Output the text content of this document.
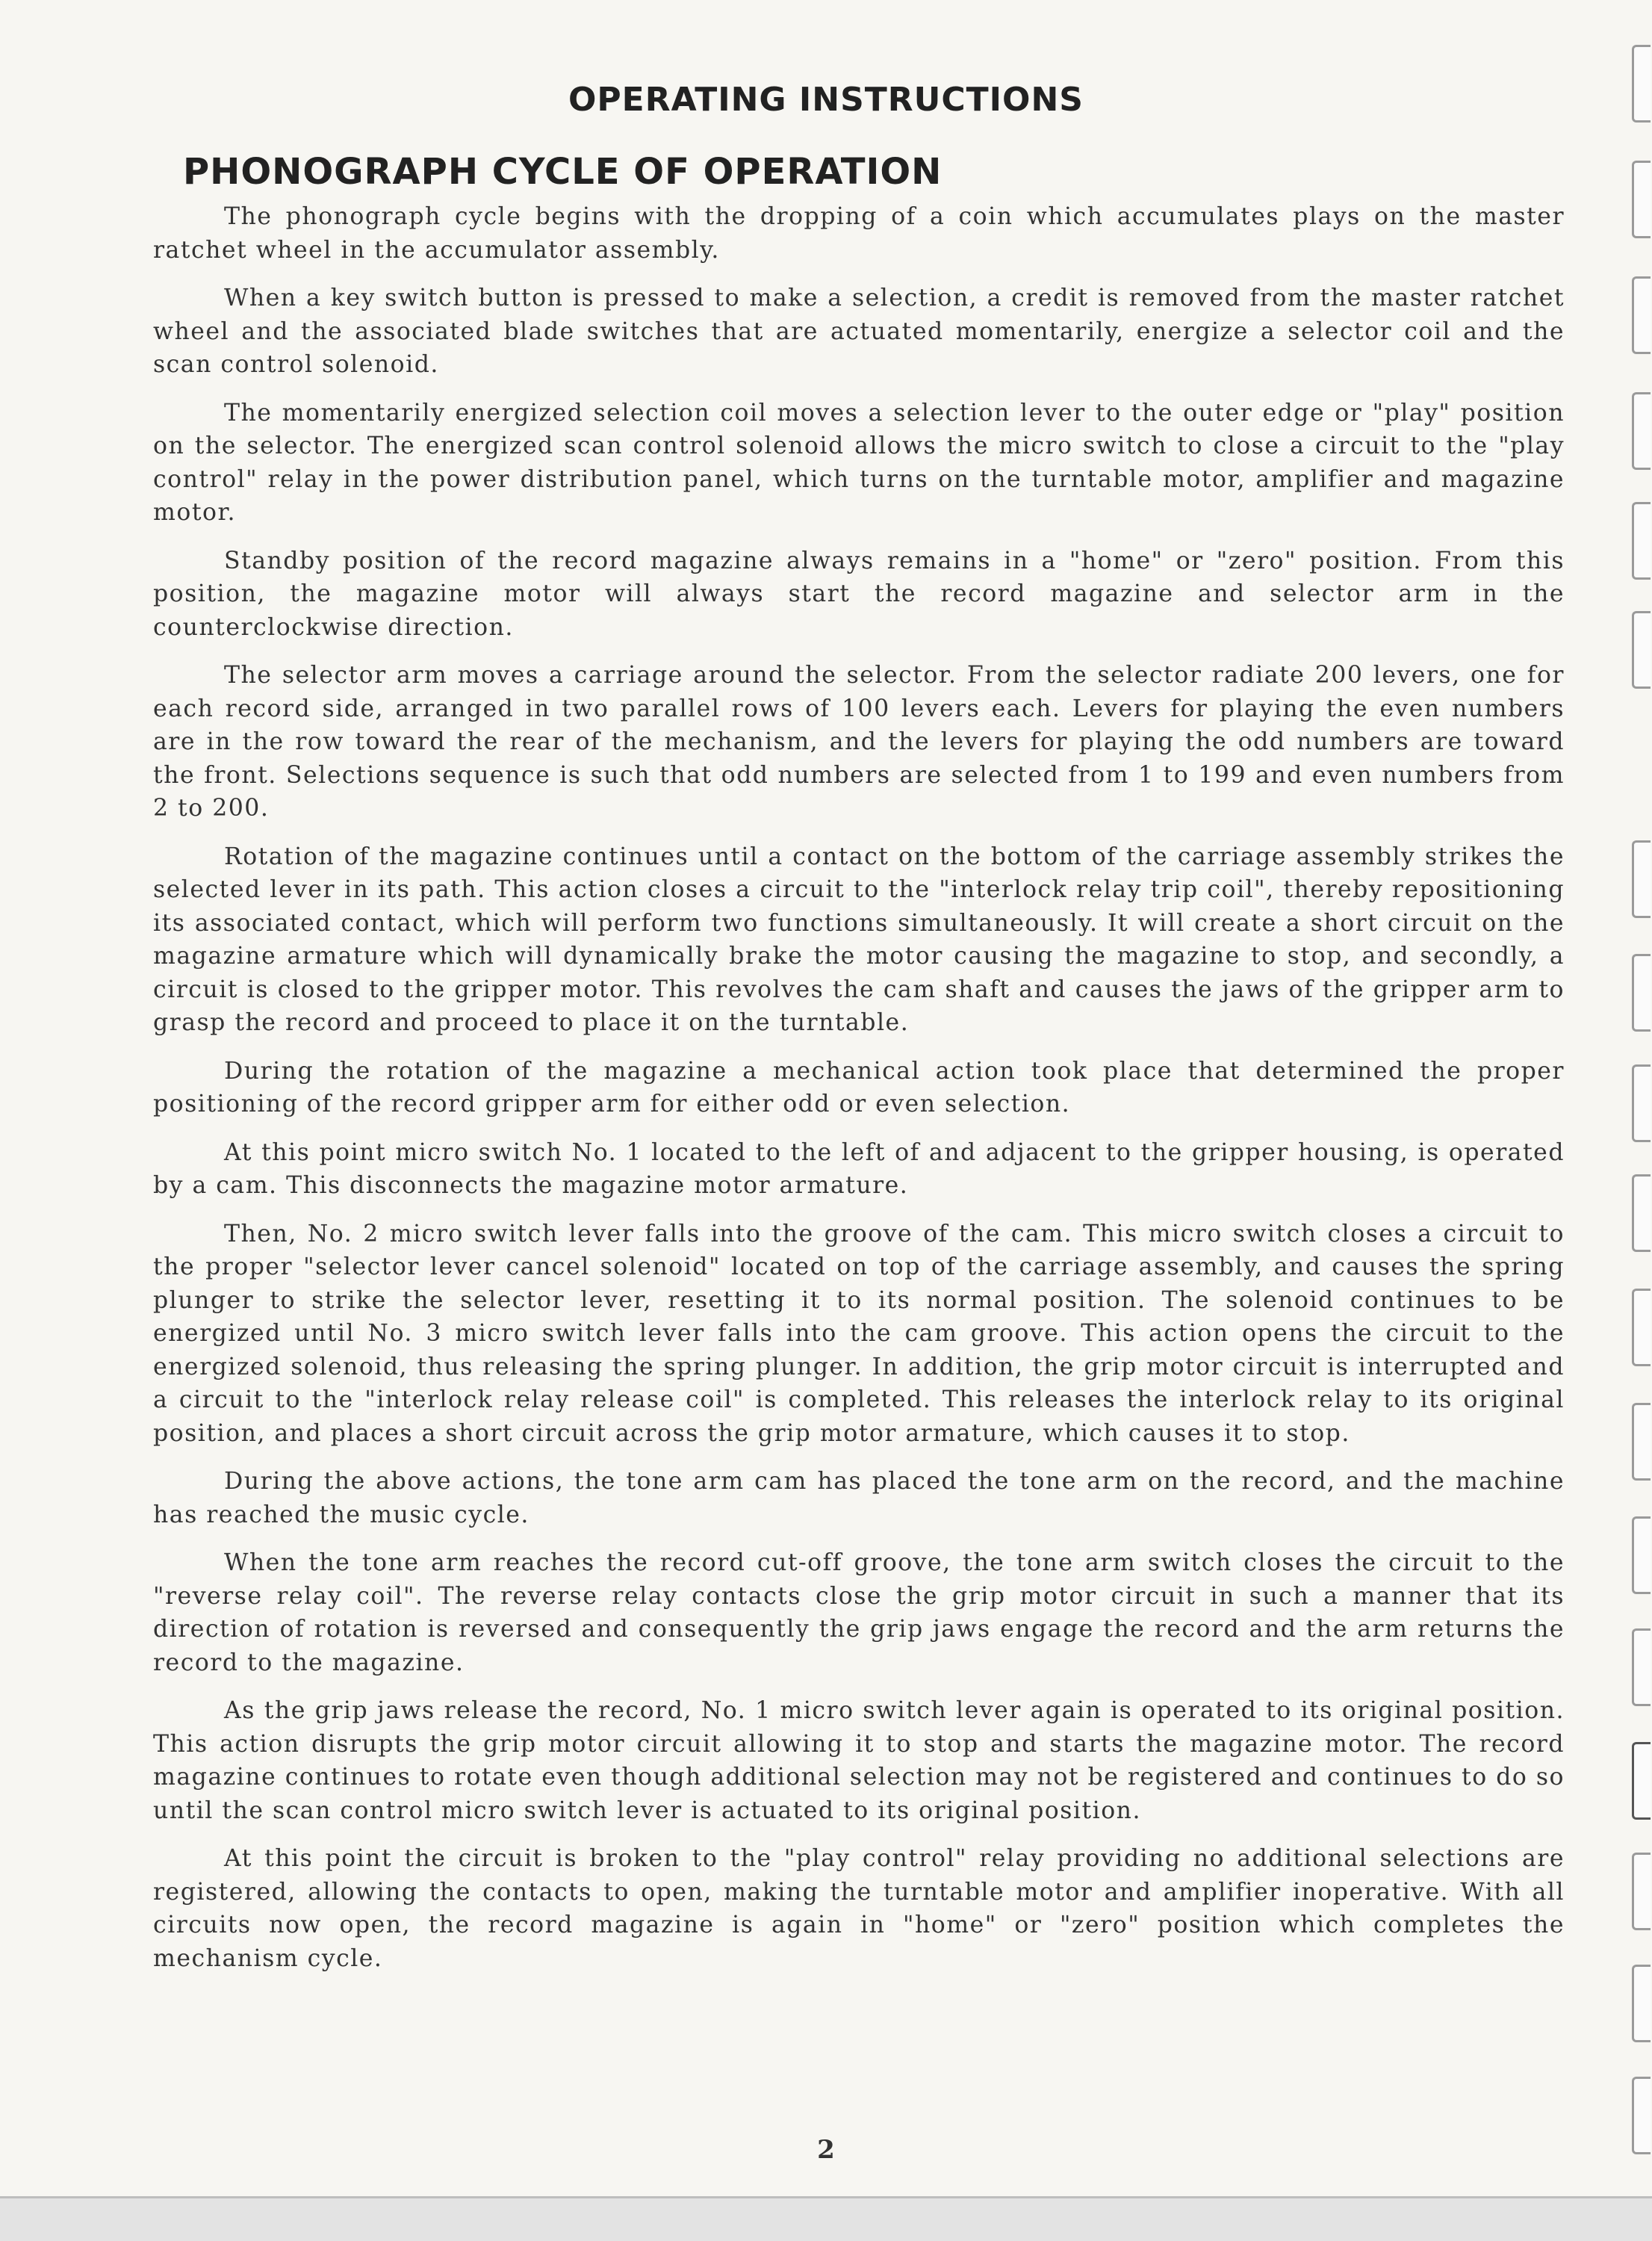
OPERATING INSTRUCTIONS
PHONOGRAPH CYCLE OF OPERATION

The phonograph cycle begins with the dropping of a coin which accumulates plays on the master ratchet wheel in the accumulator assembly.

When a key switch button is pressed to make a selection, a credit is removed from the master ratchet wheel and the associated blade switches that are actuated momentarily, energize a selector coil and the scan control solenoid.

The momentarily energized selection coil moves a selection lever to the outer edge or "play" position on the selector. The energized scan control solenoid allows the micro switch to close a circuit to the "play control" relay in the power distribution panel, which turns on the turntable motor, amplifier and magazine motor.

Standby position of the record magazine always remains in a "home" or "zero" position. From this position, the magazine motor will always start the record magazine and selector arm in the counterclockwise direction.

The selector arm moves a carriage around the selector. From the selector radiate 200 levers, one for each record side, arranged in two parallel rows of 100 levers each. Levers for playing the even numbers are in the row toward the rear of the mechanism, and the levers for playing the odd numbers are toward the front. Selections sequence is such that odd numbers are selected from 1 to 199 and even numbers from 2 to 200.

Rotation of the magazine continues until a contact on the bottom of the carriage assembly strikes the selected lever in its path. This action closes a circuit to the "interlock relay trip coil", thereby repositioning its associated contact, which will perform two functions simultaneously. It will create a short circuit on the magazine armature which will dynamically brake the motor causing the magazine to stop, and secondly, a circuit is closed to the gripper motor. This revolves the cam shaft and causes the jaws of the gripper arm to grasp the record and proceed to place it on the turntable.

During the rotation of the magazine a mechanical action took place that determined the proper positioning of the record gripper arm for either odd or even selection.

At this point micro switch No. 1 located to the left of and adjacent to the gripper housing, is operated by a cam. This disconnects the magazine motor armature.

Then, No. 2 micro switch lever falls into the groove of the cam. This micro switch closes a circuit to the proper "selector lever cancel solenoid" located on top of the carriage assembly, and causes the spring plunger to strike the selector lever, resetting it to its normal position. The solenoid continues to be energized until No. 3 micro switch lever falls into the cam groove. This action opens the circuit to the energized solenoid, thus releasing the spring plunger. In addition, the grip motor circuit is interrupted and a circuit to the "interlock relay release coil" is completed. This releases the interlock relay to its original position, and places a short circuit across the grip motor armature, which causes it to stop.

During the above actions, the tone arm cam has placed the tone arm on the record, and the machine has reached the music cycle.

When the tone arm reaches the record cut-off groove, the tone arm switch closes the circuit to the "reverse relay coil". The reverse relay contacts close the grip motor circuit in such a manner that its direction of rotation is reversed and consequently the grip jaws engage the record and the arm returns the record to the magazine.

As the grip jaws release the record, No. 1 micro switch lever again is operated to its original position. This action disrupts the grip motor circuit allowing it to stop and starts the magazine motor. The record magazine continues to rotate even though additional selection may not be registered and continues to do so until the scan control micro switch lever is actuated to its original position.

At this point the circuit is broken to the "play control" relay providing no additional selections are registered, allowing the contacts to open, making the turntable motor and amplifier inoperative. With all circuits now open, the record magazine is again in "home" or "zero" position which completes the mechanism cycle.

2
